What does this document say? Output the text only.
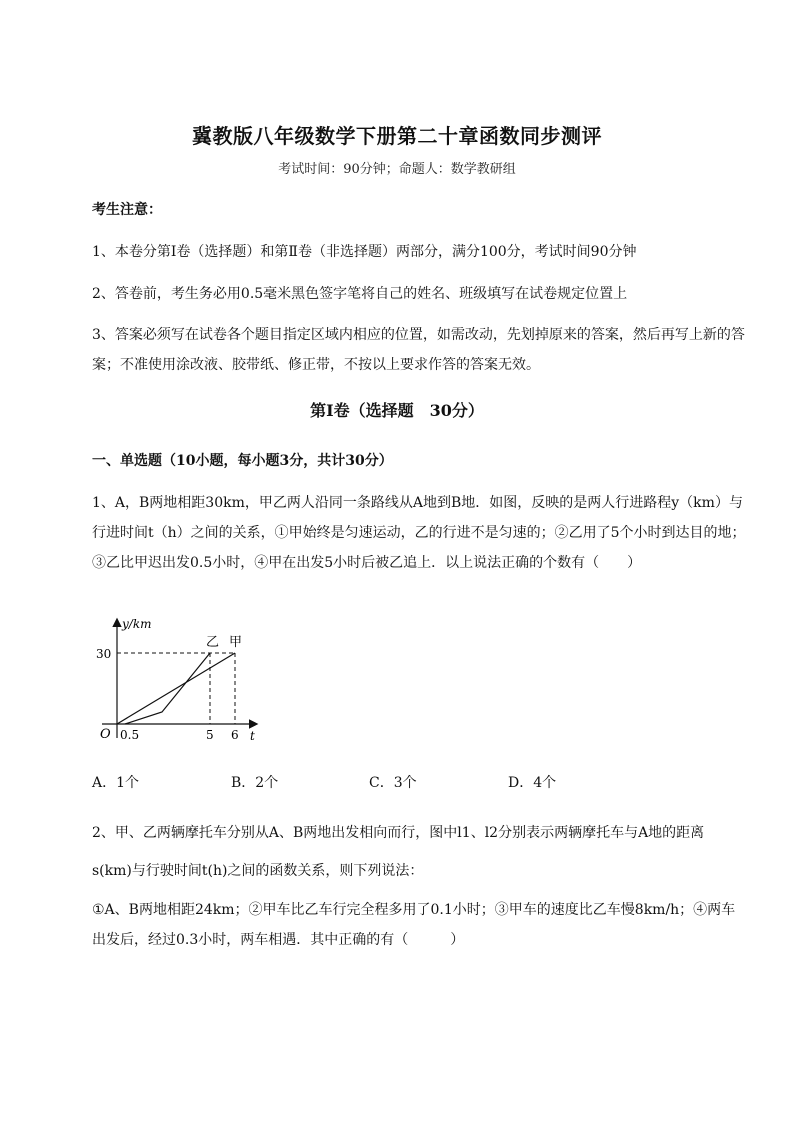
冀教版八年级数学下册第二十章函数同步测评
考试时间：90分钟；命题人：数学教研组
考生注意：
1、本卷分第I卷（选择题）和第Ⅱ卷（非选择题）两部分，满分100分，考试时间90分钟
2、答卷前，考生务必用0.5毫米黑色签字笔将自己的姓名、班级填写在试卷规定位置上
3、答案必须写在试卷各个题目指定区域内相应的位置，如需改动，先划掉原来的答案，然后再写上新的答案；不准使用涂改液、胶带纸、修正带，不按以上要求作答的答案无效。
第I卷（选择题　30分）
一、单选题（10小题，每小题3分，共计30分）
1、A，B两地相距30km，甲乙两人沿同一条路线从A地到B地．如图，反映的是两人行进路程y（km）与行进时间t（h）之间的关系，①甲始终是匀速运动，乙的行进不是匀速的；②乙用了5个小时到达目的地；③乙比甲迟出发0.5小时，④甲在出发5小时后被乙追上．以上说法正确的个数有（　　）
y/km
t
O
30
0.5	5 6
乙 甲
A．1个	B．2个	C．3个	D．4个
2、甲、乙两辆摩托车分别从A、B两地出发相向而行，图中l1、l2分别表示两辆摩托车与A地的距离
s(km)与行驶时间t(h)之间的函数关系，则下列说法：
①A、B两地相距24km；②甲车比乙车行完全程多用了0.1小时；③甲车的速度比乙车慢8km/h；④两车出发后，经过0.3小时，两车相遇．其中正确的有（　　　）
